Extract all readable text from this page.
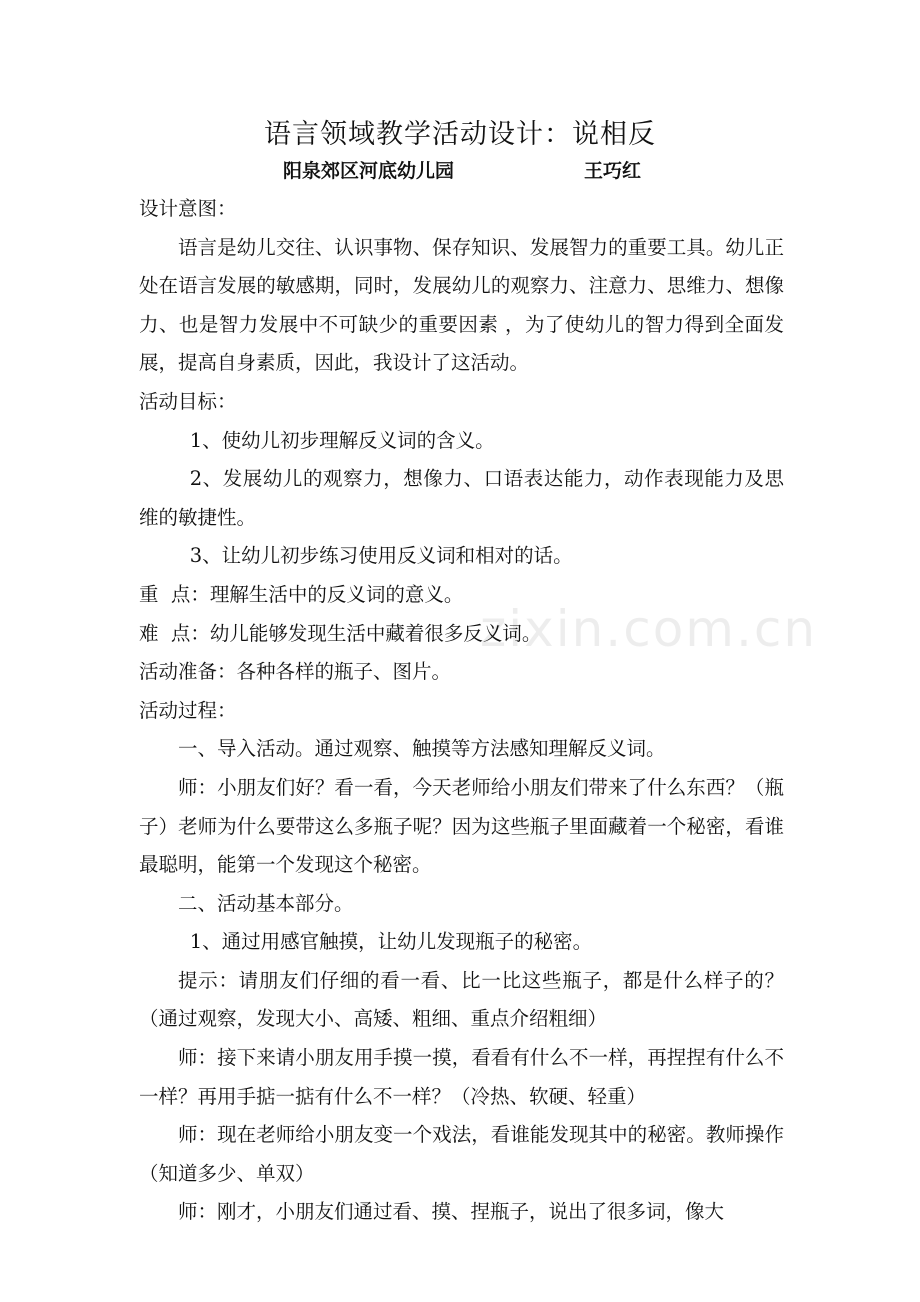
语言领域教学活动设计：说相反
阳泉郊区河底幼儿园	王巧红

设计意图：

语言是幼儿交往、认识事物、保存知识、发展智力的重要工具。幼儿正处在语言发展的敏感期，同时，发展幼儿的观察力、注意力、思维力、想像力、也是智力发展中不可缺少的重要因素 ，为了使幼儿的智力得到全面发展，提高自身素质，因此，我设计了这活动。

活动目标：

1、使幼儿初步理解反义词的含义。

2、发展幼儿的观察力，想像力、口语表达能力，动作表现能力及思维的敏捷性。

3、让幼儿初步练习使用反义词和相对的话。

重  点：理解生活中的反义词的意义。

难  点：幼儿能够发现生活中藏着很多反义词。

活动准备：各种各样的瓶子、图片。

活动过程：

一、导入活动。通过观察、触摸等方法感知理解反义词。

师：小朋友们好？看一看，今天老师给小朋友们带来了什么东西？（瓶子）老师为什么要带这么多瓶子呢？因为这些瓶子里面藏着一个秘密，看谁最聪明，能第一个发现这个秘密。

二、活动基本部分。

1、通过用感官触摸，让幼儿发现瓶子的秘密。

提示：请朋友们仔细的看一看、比一比这些瓶子，都是什么样子的？（通过观察，发现大小、高矮、粗细、重点介绍粗细）

师：接下来请小朋友用手摸一摸，看看有什么不一样，再捏捏有什么不一样？再用手掂一掂有什么不一样？（冷热、软硬、轻重）

师：现在老师给小朋友变一个戏法，看谁能发现其中的秘密。教师操作（知道多少、单双）

师：刚才，小朋友们通过看、摸、捏瓶子，说出了很多词，像大

zixin.com.cn
